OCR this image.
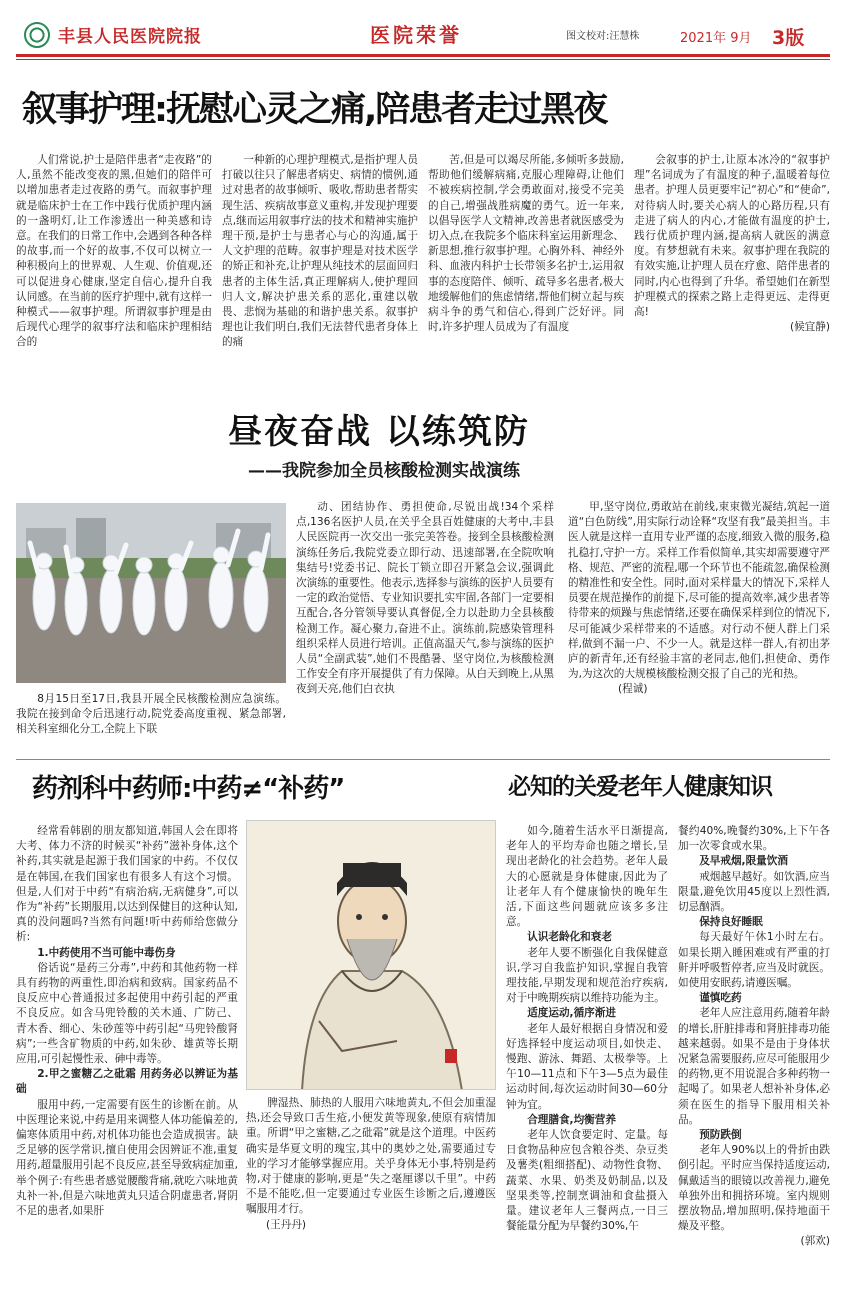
丰县人民医院院报	医院荣誉	图文校对:汪慧株	2021年 9月 3版
叙事护理:抚慰心灵之痛,陪患者走过黑夜

人们常说,护士是陪伴患者“走夜路”的人,虽然不能改变夜的黑,但她们的陪伴可以增加患者走过夜路的勇气。而叙事护理就是临床护士在工作中践行优质护理内涵的一盏明灯,让工作渗透出一种美感和诗意。在我们的日常工作中,会遇到各种各样的故事,而一个好的故事,不仅可以树立一种积极向上的世界观、人生观、价值观,还可以促进身心健康,坚定自信心,提升自我认同感。在当前的医疗护理中,就有这样一种模式——叙事护理。所谓叙事护理是由后现代心理学的叙事疗法和临床护理相结合的

一种新的心理护理模式,是指护理人员打破以往只了解患者病史、病情的惯例,通过对患者的故事倾听、吸收,帮助患者帮实现生活、疾病故事意义重构,并发现护理要点,继而运用叙事疗法的技术和精神实施护理干预,是护士与患者心与心的沟通,属于人文护理的范畴。叙事护理是对技术医学的矫正和补充,让护理从纯技术的层面回归患者的主体生活,真正理解病人,使护理回归人文,解决护患关系的恶化,重建以敬畏、悲悯为基础的和谐护患关系。叙事护理也让我们明白,我们无法替代患者身体上的痛

苦,但是可以竭尽所能,多倾听多鼓励,帮助他们缓解病痛,克服心理障碍,让他们不被疾病控制,学会勇敢面对,接受不完美的自己,增强战胜病魔的勇气。近一年来,以倡导医学人文精神,改善患者就医感受为切入点,在我院多个临床科室运用新理念、新思想,推行叙事护理。心胸外科、神经外科、血液内科护士长带领多名护士,运用叙事的态度陪伴、倾听、疏导多名患者,极大地缓解他们的焦虑情绪,帮他们树立起与疾病斗争的勇气和信心,得到广泛好评。同时,许多护理人员成为了有温度

会叙事的护士,让原本冰冷的“叙事护理”名词成为了有温度的种子,温暖着每位患者。护理人员更要牢记“初心”和“使命”,对待病人时,要关心病人的心路历程,只有走进了病人的内心,才能做有温度的护士,践行优质护理内涵,提高病人就医的满意度。有梦想就有未来。叙事护理在我院的有效实施,让护理人员在疗愈、陪伴患者的同时,内心也得到了升华。希望她们在新型护理模式的探索之路上走得更远、走得更高!

(候宜静)

昼夜奋战 以练筑防
——我院参加全员核酸检测实战演练
8月15日至17日,我县开展全民核酸检测应急演练。我院在接到命令后迅速行动,院党委高度重视、紧急部署,相关科室细化分工,全院上下联

动、团结协作、勇担使命,尽锐出战!34个采样点,136名医护人员,在关乎全县百姓健康的大考中,丰县人民医院再一次交出一张完美答卷。接到全县核酸检测演练任务后,我院党委立即行动、迅速部署,在全院吹响集结号!党委书记、院长丁锁立即召开紧急会议,强调此次演练的重要性。他表示,选择参与演练的医护人员要有一定的政治觉悟、专业知识要扎实牢固,各部门一定要相互配合,各分管领导要认真督促,全力以赴助力全县核酸检测工作。凝心聚力,奋进不止。演练前,院感染管理科组织采样人员进行培训。正值高温天气,参与演练的医护人员“全副武装”,她们不畏酷暑、坚守岗位,为核酸检测工作安全有序开展提供了有力保障。从白天到晚上,从黑夜到天亮,他们白衣执

甲,坚守岗位,勇敢站在前线,束束微光凝结,筑起一道道“白色防线”,用实际行动诠释“攻坚有我”最美担当。丰医人就是这样一直用专业严谨的态度,细致入微的服务,稳扎稳打,守护一方。采样工作看似简单,其实却需要遵守严格、规范、严密的流程,哪一个环节也不能疏忽,确保检测的精准性和安全性。同时,面对采样量大的情况下,采样人员要在规范操作的前提下,尽可能的提高效率,减少患者等待带来的烦躁与焦虑情绪,还要在确保采样到位的情况下,尽可能减少采样带来的不适感。对行动不便人群上门采样,做到不漏一户、不少一人。就是这样一群人,有初出茅庐的新青年,还有经验丰富的老同志,他们,担使命、勇作为,为这次的大规模核酸检测交报了自己的光和热。

(程诚)

药剂科中药师:中药≠“补药”

经常看韩剧的朋友都知道,韩国人会在即将大考、体力不济的时候买“补药”滋补身体,这个补药,其实就是起源于我们国家的中药。不仅仅是在韩国,在我们国家也有很多人有这个习惯。但是,人们对于中药“有病治病,无病健身”,可以作为“补药”长期服用,以达到保健目的这种认知,真的没问题吗?当然有问题!听中药师给您做分析:

1.中药使用不当可能中毒伤身

俗话说“是药三分毒”,中药和其他药物一样具有药物的两重性,即治病和致病。国家药品不良反应中心普通报过多起使用中药引起的严重不良反应。如含马兜铃酸的关木通、广防己、青木香、细心、朱砂莲等中药引起“马兜铃酸肾病”;一些含矿物质的中药,如朱砂、雄黄等长期应用,可引起慢性汞、砷中毒等。

2.甲之蜜糖乙之砒霜 用药务必以辨证为基础

服用中药,一定需要有医生的诊断在前。从中医理论来说,中药是用来调整人体功能偏差的,偏寒体质用中药,对机体功能也会造成损害。缺乏足够的医学常识,擅自使用会因辨证不准,重复用药,超量服用引起不良反应,甚至导致病症加重,举个例子:有些患者感觉腰酸背痛,就吃六味地黄丸补一补,但是六味地黄丸只适合阴虚患者,肾阴不足的患者,如果肝

脾湿热、肺热的人服用六味地黄丸,不但会加重湿热,还会导致口舌生疮,小便发黄等现象,使原有病情加重。所谓“甲之蜜糖,乙之砒霜”就是这个道理。中医药确实是华夏文明的瑰宝,其中的奥妙之处,需要通过专业的学习才能够掌握应用。关乎身体无小事,特别是药物,对于健康的影响,更是“失之毫厘谬以千里”。中药不是不能吃,但一定要通过专业医生诊断之后,遵遵医嘱服用才行。

(王丹丹)

必知的关爱老年人健康知识

如今,随着生活水平日渐提高,老年人的平均寿命也随之增长,呈现出老龄化的社会趋势。老年人最大的心愿就是身体健康,因此为了让老年人有个健康愉快的晚年生活,下面这些问题就应该多多注意。

认识老龄化和衰老

老年人要不断强化自我保健意识,学习自我监护知识,掌握自我管理技能,早期发现和规范治疗疾病,对于中晚期疾病以维持功能为主。

适度运动,循序渐进

老年人最好根据自身情况和爱好选择轻中度运动项目,如快走、慢跑、游泳、舞蹈、太极拳等。上午10—11点和下午3—5点为最佳运动时间,每次运动时间30—60分钟为宜。

合理膳食,均衡营养

老年人饮食要定时、定量。每日食物品种应包含粮谷类、杂豆类及薯类(粗细搭配)、动物性食物、蔬菜、水果、奶类及奶制品,以及坚果类等,控制烹调油和食盐摄入量。建议老年人三餐两点,一日三餐能量分配为早餐约30%,午

餐约40%,晚餐约30%,上下午各加一次零食或水果。

及早戒烟,限量饮酒

戒烟越早越好。如饮酒,应当限量,避免饮用45度以上烈性酒,切忌酗酒。

保持良好睡眠

每天最好午休1小时左右。如果长期入睡困难或有严重的打鼾并呼吸暂停者,应当及时就医。如使用安眠药,请遵医嘱。

谨慎吃药

老年人应注意用药,随着年龄的增长,肝脏排毒和肾脏排毒功能越来越弱。如果不是由于身体状况紧急需要服药,应尽可能服用少的药物,更不用说混合多种药物一起喝了。如果老人想补补身体,必须在医生的指导下服用相关补品。

预防跌倒

老年人90%以上的骨折由跌倒引起。平时应当保持适度运动,佩戴适当的眼镜以改善视力,避免单独外出和拥挤环境。室内规则摆放物品,增加照明,保持地面干燥及平整。

(郭欢)
